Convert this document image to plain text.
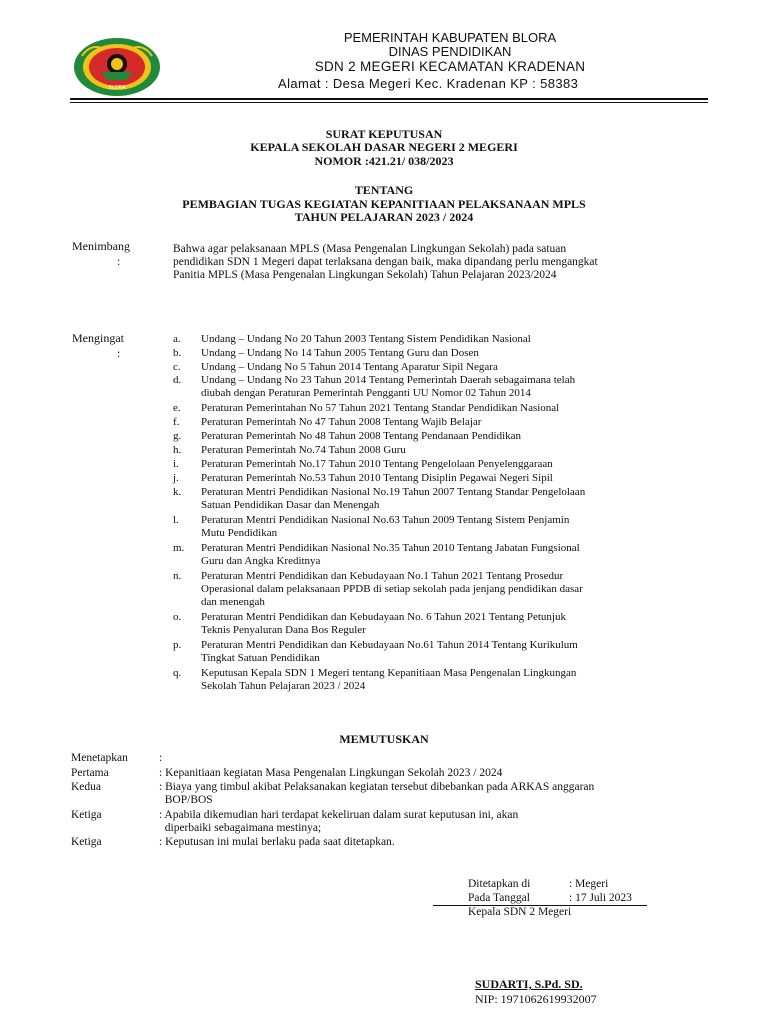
BLORA
PEMERINTAH KABUPATEN BLORA
DINAS PENDIDIKAN
SDN 2 MEGERI KECAMATAN KRADENAN
Alamat : Desa Megeri Kec. Kradenan KP : 58383
SURAT KEPUTUSAN
KEPALA SEKOLAH DASAR NEGERI 2 MEGERI
NOMOR :421.21/ 038/2023
TENTANG
PEMBAGIAN TUGAS KEGIATAN KEPANITIAAN PELAKSANAAN MPLS
TAHUN PELAJARAN 2023 / 2024
Menimbang
:
Bahwa agar pelaksanaan MPLS (Masa Pengenalan Lingkungan Sekolah) pada satuan
pendidikan SDN 1 Megeri dapat terlaksana dengan baik, maka dipandang perlu mengangkat
Panitia MPLS (Masa Pengenalan Lingkungan Sekolah) Tahun Pelajaran 2023/2024
Mengingat
:
a. Undang – Undang No 20 Tahun 2003 Tentang Sistem Pendidikan Nasional
b. Undang – Undang No 14 Tahun 2005 Tentang Guru dan Dosen
c. Undang – Undang No 5 Tahun 2014 Tentang Aparatur Sipil Negara
d. Undang – Undang No 23 Tahun 2014 Tentang Pemerintah Daerah sebagaimana telah
diubah dengan Peraturan Pemerintah Pengganti UU Nomor 02 Tahun 2014
e. Peraturan Pemerintahan No 57 Tahun 2021 Tentang Standar Pendidikan Nasional
f. Peraturan Pemerintah No 47 Tahun 2008 Tentang Wajib Belajar
g. Peraturan Pemerintah No 48 Tahun 2008 Tentang Pendanaan Pendidikan
h. Peraturan Pemerintah No.74 Tahun 2008 Guru
i. Peraturan Pemerintah No.17 Tahun 2010 Tentang Pengelolaan Penyelenggaraan
j. Peraturan Pemerintah No.53 Tahun 2010 Tentang Disiplin Pegawai Negeri Sipil
k. Peraturan Mentri Pendidikan Nasional No.19 Tahun 2007 Tentang Standar Pengelolaan
Satuan Pendidikan Dasar dan Menengah
l. Peraturan Mentri Pendidikan Nasional No.63 Tahun 2009 Tentang Sistem Penjamin
Mutu Pendidikan
m. Peraturan Mentri Pendidikan Nasional No.35 Tahun 2010 Tentang Jabatan Fungsional
Guru dan Angka Kreditnya
n. Peraturan Mentri Pendidikan dan Kebudayaan No.1 Tahun 2021 Tentang Prosedur
Operasional dalam pelaksanaan PPDB di setiap sekolah pada jenjang pendidikan dasar
dan menengah
o. Peraturan Mentri Pendidikan dan Kebudayaan No. 6 Tahun 2021 Tentang Petunjuk
Teknis Penyaluran Dana Bos Reguler
p. Peraturan Mentri Pendidikan dan Kebudayaan No.61 Tahun 2014 Tentang Kurikulum
Tingkat Satuan Pendidikan
q. Keputusan Kepala SDN 1 Megeri tentang Kepanitiaan Masa Pengenalan Lingkungan
Sekolah Tahun Pelajaran 2023 / 2024
MEMUTUSKAN
Menetapkan	:
Pertama	: Kepanitiaan kegiatan Masa Pengenalan Lingkungan Sekolah 2023 / 2024
Kedua	: Biaya yang timbul akibat Pelaksanakan kegiatan tersebut dibebankan pada ARKAS anggaran
BOP/BOS
Ketiga	: Apabila dikemudian hari terdapat kekeliruan dalam surat keputusan ini, akan
diperbaiki sebagaimana mestinya;
Ketiga	: Keputusan ini mulai berlaku pada saat ditetapkan.
Ditetapkan di	: Megeri
Pada Tanggal	: 17 Juli 2023
Kepala SDN 2 Megeri
SUDARTI, S.Pd. SD.
NIP: 1971062619932007
